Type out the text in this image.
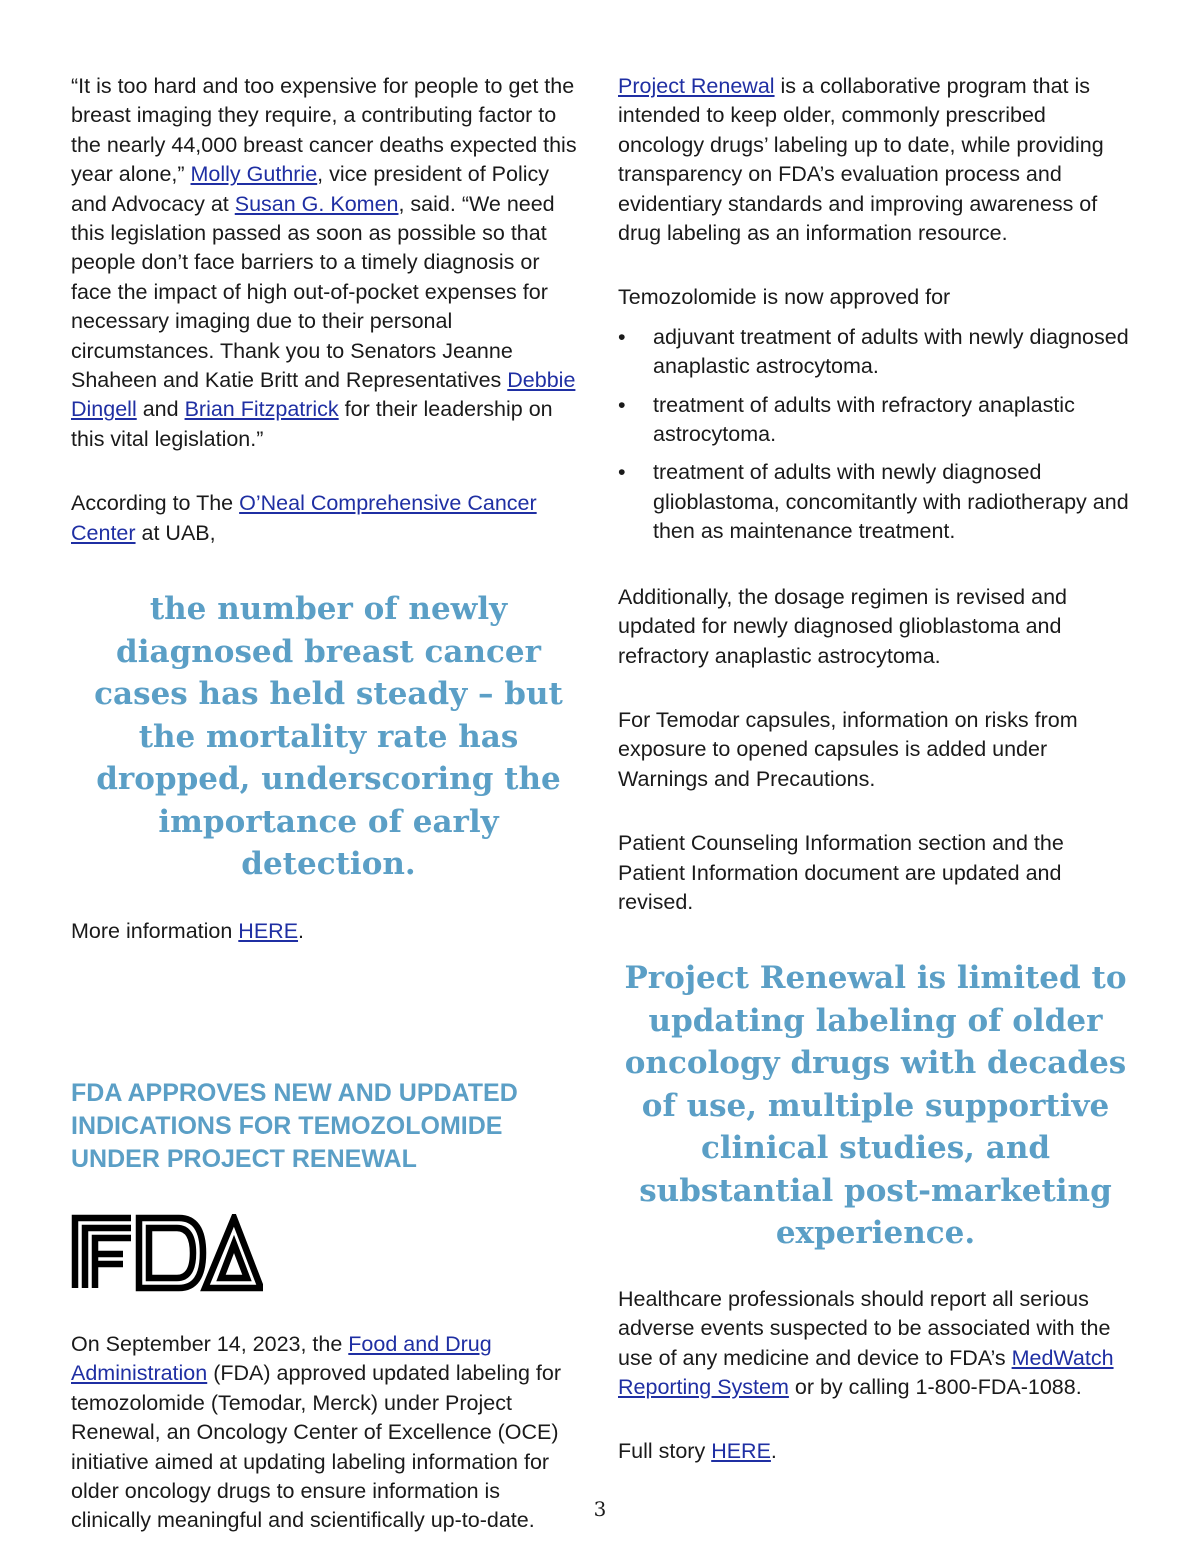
“It is too hard and too expensive for people to get the breast imaging they require, a contributing factor to the nearly 44,000 breast cancer deaths expected this year alone,” Molly Guthrie, vice president of Policy and Advocacy at Susan G. Komen, said. “We need this legislation passed as soon as possible so that people don’t face barriers to a timely diagnosis or face the impact of high out-of-pocket expenses for necessary imaging due to their personal circumstances. Thank you to Senators Jeanne Shaheen and Katie Britt and Representatives Debbie Dingell and Brian Fitzpatrick for their leadership on this vital legislation.”

According to The O’Neal Comprehensive Cancer Center at UAB,

the number of newly diagnosed breast cancer cases has held steady – but the mortality rate has dropped, underscoring the importance of early detection.

More information HERE.

FDA APPROVES NEW AND UPDATED INDICATIONS FOR TEMOZOLOMIDE UNDER PROJECT RENEWAL

On September 14, 2023, the Food and Drug Administration (FDA) approved updated labeling for temozolomide (Temodar, Merck) under Project Renewal, an Oncology Center of Excellence (OCE) initiative aimed at updating labeling information for older oncology drugs to ensure information is clinically meaningful and scientifically up-to-date.

Project Renewal is a collaborative program that is intended to keep older, commonly prescribed oncology drugs’ labeling up to date, while providing transparency on FDA’s evaluation process and evidentiary standards and improving awareness of drug labeling as an information resource.

Temozolomide is now approved for

• adjuvant treatment of adults with newly diagnosed anaplastic astrocytoma.
• treatment of adults with refractory anaplastic astrocytoma.
• treatment of adults with newly diagnosed glioblastoma, concomitantly with radiotherapy and then as maintenance treatment.

Additionally, the dosage regimen is revised and updated for newly diagnosed glioblastoma and refractory anaplastic astrocytoma.

For Temodar capsules, information on risks from exposure to opened capsules is added under Warnings and Precautions.

Patient Counseling Information section and the Patient Information document are updated and revised.

Project Renewal is limited to updating labeling of older oncology drugs with decades of use, multiple supportive clinical studies, and substantial post-marketing experience.

Healthcare professionals should report all serious adverse events suspected to be associated with the use of any medicine and device to FDA’s MedWatch Reporting System or by calling 1-800-FDA-1088.

Full story HERE.

3
